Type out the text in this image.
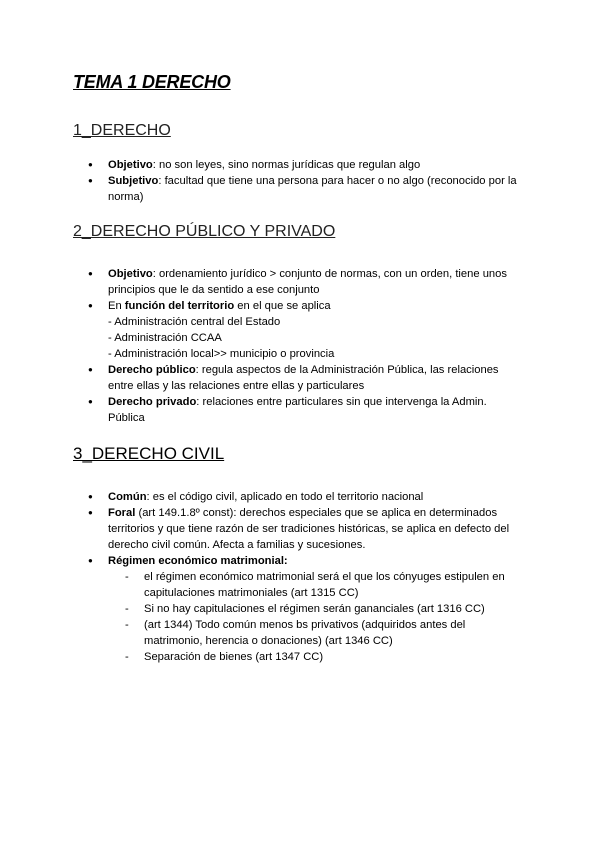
TEMA 1 DERECHO
1_DERECHO
● Objetivo: no son leyes, sino normas jurídicas que regulan algo
● Subjetivo: facultad que tiene una persona para hacer o no algo (reconocido por la norma)
2_DERECHO PÚBLICO Y PRIVADO
● Objetivo: ordenamiento jurídico > conjunto de normas, con un orden, tiene unos principios que le da sentido a ese conjunto
● En función del territorio en el que se aplica
- Administración central del Estado
- Administración CCAA
- Administración local>> municipio o provincia
● Derecho público: regula aspectos de la Administración Pública, las relaciones entre ellas y las relaciones entre ellas y particulares
● Derecho privado: relaciones entre particulares sin que intervenga la Admin. Pública
3_DERECHO CIVIL
● Común: es el código civil, aplicado en todo el territorio nacional
● Foral (art 149.1.8º const): derechos especiales que se aplica en determinados territorios y que tiene razón de ser tradiciones históricas, se aplica en defecto del derecho civil común. Afecta a familias y sucesiones.
● Régimen económico matrimonial:
- el régimen económico matrimonial será el que los cónyuges estipulen en capitulaciones matrimoniales (art 1315 CC)
- Si no hay capitulaciones el régimen serán gananciales (art 1316 CC)
- (art 1344) Todo común menos bs privativos (adquiridos antes del matrimonio, herencia o donaciones) (art 1346 CC)
- Separación de bienes (art 1347 CC)
